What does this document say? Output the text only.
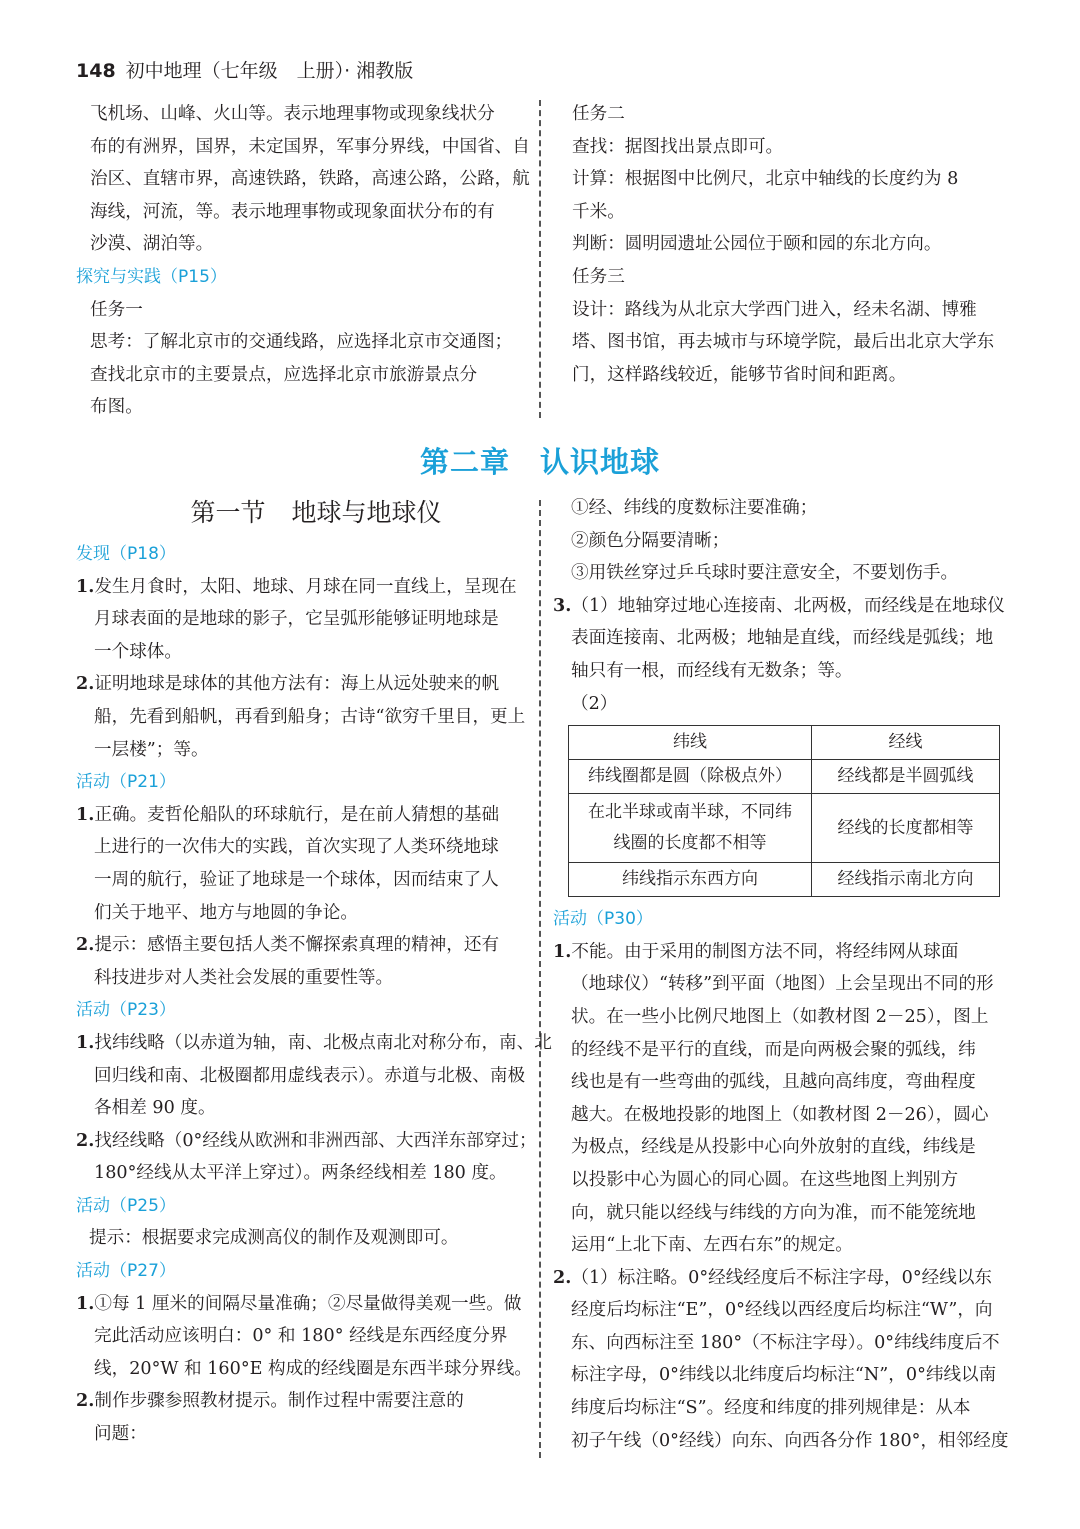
148 初中地理（七年级　上册）· 湘教版

飞机场、山峰、火山等。表示地理事物或现象线状分

布的有洲界，国界，未定国界，军事分界线，中国省、自

治区、直辖市界，高速铁路，铁路，高速公路，公路，航

海线，河流，等。表示地理事物或现象面状分布的有

沙漠、湖泊等。

探究与实践（P15）

任务一

思考：了解北京市的交通线路，应选择北京市交通图；

查找北京市的主要景点，应选择北京市旅游景点分

布图。

任务二

查找：据图找出景点即可。

计算：根据图中比例尺，北京中轴线的长度约为 8

千米。

判断：圆明园遗址公园位于颐和园的东北方向。

任务三

设计：路线为从北京大学西门进入，经未名湖、博雅

塔、图书馆，再去城市与环境学院，最后出北京大学东

门，这样路线较近，能够节省时间和距离。

第二章 认识地球
第一节 地球与地球仪
发现（P18）

1.发生月食时，太阳、地球、月球在同一直线上，呈现在

月球表面的是地球的影子，它呈弧形能够证明地球是

一个球体。

2.证明地球是球体的其他方法有：海上从远处驶来的帆

船，先看到船帆，再看到船身；古诗“欲穷千里目，更上

一层楼”；等。

活动（P21）

1.正确。麦哲伦船队的环球航行，是在前人猜想的基础

上进行的一次伟大的实践，首次实现了人类环绕地球

一周的航行，验证了地球是一个球体，因而结束了人

们关于地平、地方与地圆的争论。

2.提示：感悟主要包括人类不懈探索真理的精神，还有

科技进步对人类社会发展的重要性等。

活动（P23）

1.找纬线略（以赤道为轴，南、北极点南北对称分布，南、北

回归线和南、北极圈都用虚线表示）。赤道与北极、南极

各相差 90 度。

2.找经线略（0°经线从欧洲和非洲西部、大西洋东部穿过；

180°经线从太平洋上穿过）。两条经线相差 180 度。

活动（P25）

提示：根据要求完成测高仪的制作及观测即可。

活动（P27）

1.①每 1 厘米的间隔尽量准确；②尽量做得美观一些。做

完此活动应该明白：0° 和 180° 经线是东西经度分界

线，20°W 和 160°E 构成的经线圈是东西半球分界线。

2.制作步骤参照教材提示。制作过程中需要注意的

问题：

①经、纬线的度数标注要准确；

②颜色分隔要清晰；

③用铁丝穿过乒乓球时要注意安全，不要划伤手。

3.（1）地轴穿过地心连接南、北两极，而经线是在地球仪

表面连接南、北两极；地轴是直线，而经线是弧线；地

轴只有一根，而经线有无数条；等。

（2）

纬线	经线
纬线圈都是圆（除极点外）	经线都是半圆弧线

在北半球或南半球，不同纬
线圈的长度都不相等	经线的长度都相等
纬线指示东西方向	经线指示南北方向
活动（P30）

1.不能。由于采用的制图方法不同，将经纬网从球面

（地球仪）“转移”到平面（地图）上会呈现出不同的形

状。在一些小比例尺地图上（如教材图 2－25），图上

的经线不是平行的直线，而是向两极会聚的弧线，纬

线也是有一些弯曲的弧线，且越向高纬度，弯曲程度

越大。在极地投影的地图上（如教材图 2－26），圆心

为极点，经线是从投影中心向外放射的直线，纬线是

以投影中心为圆心的同心圆。在这些地图上判别方

向，就只能以经线与纬线的方向为准，而不能笼统地

运用“上北下南、左西右东”的规定。

2.（1）标注略。0°经线经度后不标注字母，0°经线以东

经度后均标注“E”，0°经线以西经度后均标注“W”，向

东、向西标注至 180°（不标注字母）。0°纬线纬度后不

标注字母，0°纬线以北纬度后均标注“N”，0°纬线以南

纬度后均标注“S”。经度和纬度的排列规律是：从本

初子午线（0°经线）向东、向西各分作 180°，相邻经度
